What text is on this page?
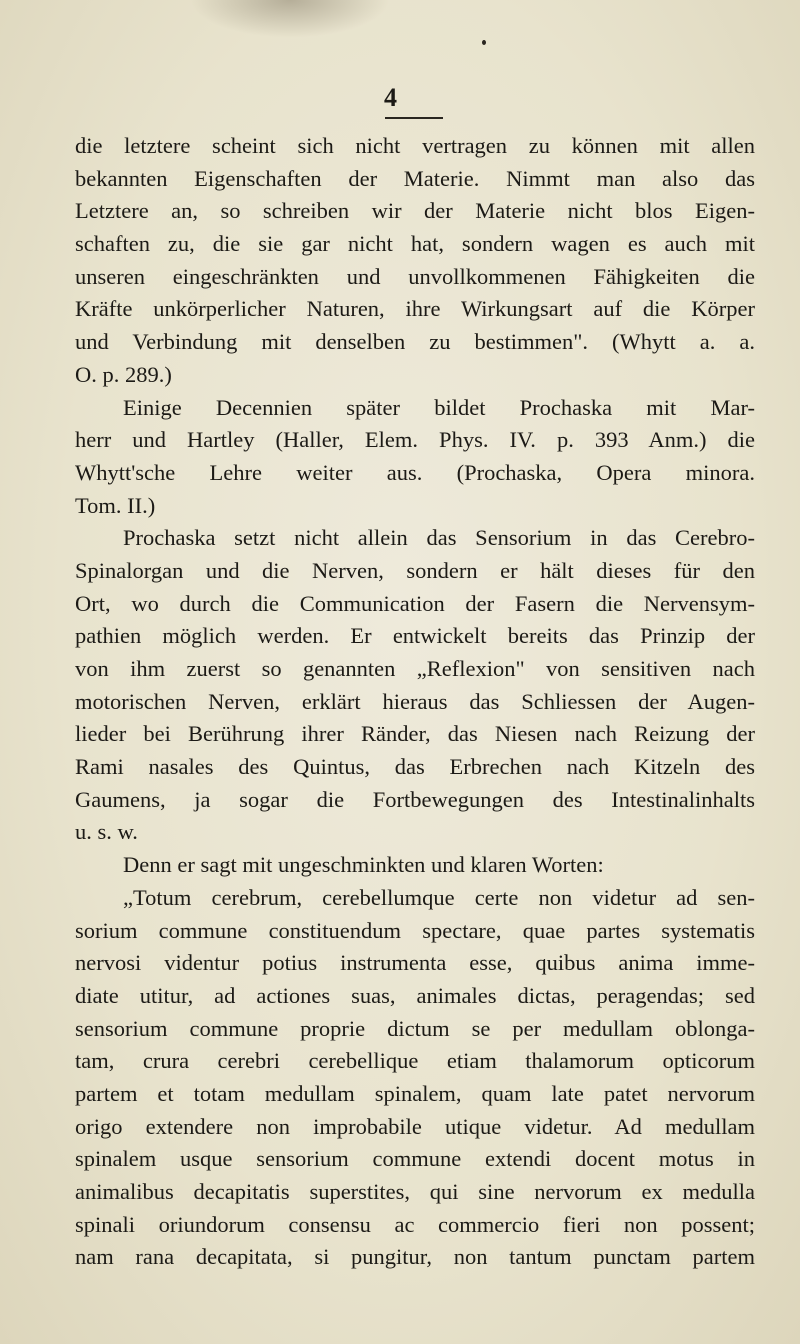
4
die letztere scheint sich nicht vertragen zu können mit allen
bekannten Eigenschaften der Materie. Nimmt man also das
Letztere an, so schreiben wir der Materie nicht blos Eigen-
schaften zu, die sie gar nicht hat, sondern wagen es auch mit
unseren eingeschränkten und unvollkommenen Fähigkeiten die
Kräfte unkörperlicher Naturen, ihre Wirkungsart auf die Körper
und Verbindung mit denselben zu bestimmen". (Whytt a. a.
O. p. 289.)
Einige Decennien später bildet Prochaska mit Mar-
herr und Hartley (Haller, Elem. Phys. IV. p. 393 Anm.) die
Whytt'sche Lehre weiter aus. (Prochaska, Opera minora.
Tom. II.)
Prochaska setzt nicht allein das Sensorium in das Cerebro-
Spinalorgan und die Nerven, sondern er hält dieses für den
Ort, wo durch die Communication der Fasern die Nervensym-
pathien möglich werden. Er entwickelt bereits das Prinzip der
von ihm zuerst so genannten „Reflexion" von sensitiven nach
motorischen Nerven, erklärt hieraus das Schliessen der Augen-
lieder bei Berührung ihrer Ränder, das Niesen nach Reizung der
Rami nasales des Quintus, das Erbrechen nach Kitzeln des
Gaumens, ja sogar die Fortbewegungen des Intestinalinhalts
u. s. w.
Denn er sagt mit ungeschminkten und klaren Worten:
„Totum cerebrum, cerebellumque certe non videtur ad sen-
sorium commune constituendum spectare, quae partes systematis
nervosi videntur potius instrumenta esse, quibus anima imme-
diate utitur, ad actiones suas, animales dictas, peragendas; sed
sensorium commune proprie dictum se per medullam oblonga-
tam, crura cerebri cerebellique etiam thalamorum opticorum
partem et totam medullam spinalem, quam late patet nervorum
origo extendere non improbabile utique videtur. Ad medullam
spinalem usque sensorium commune extendi docent motus in
animalibus decapitatis superstites, qui sine nervorum ex medulla
spinali oriundorum consensu ac commercio fieri non possent;
nam rana decapitata, si pungitur, non tantum punctam partem
